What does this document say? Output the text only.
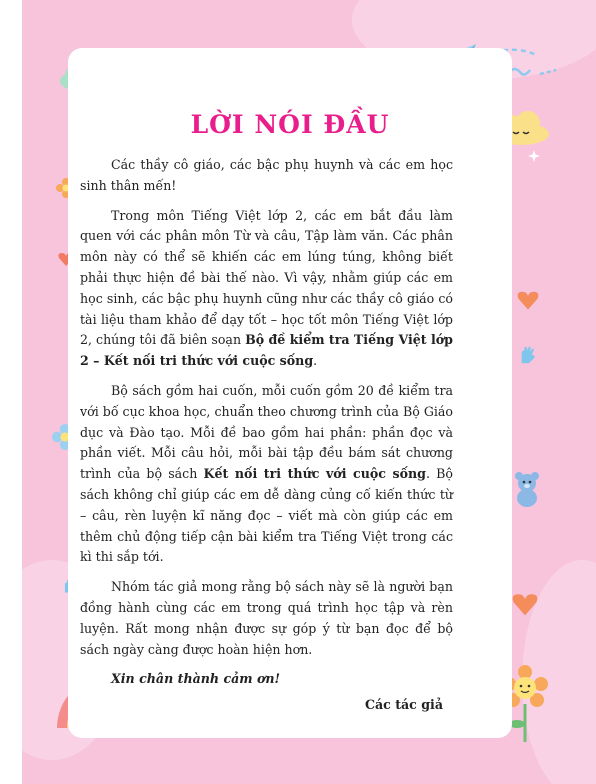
LỜI NÓI ĐẦU

Các thầy cô giáo, các bậc phụ huynh và các em học sinh thân mến!

Trong môn Tiếng Việt lớp 2, các em bắt đầu làm quen với các phân môn Từ và câu, Tập làm văn. Các phân môn này có thể sẽ khiến các em lúng túng, không biết phải thực hiện đề bài thế nào. Vì vậy, nhằm giúp các em học sinh, các bậc phụ huynh cũng như các thầy cô giáo có tài liệu tham khảo để dạy tốt – học tốt môn Tiếng Việt lớp 2, chúng tôi đã biên soạn Bộ đề kiểm tra Tiếng Việt lớp 2 – Kết nối tri thức với cuộc sống.

Bộ sách gồm hai cuốn, mỗi cuốn gồm 20 đề kiểm tra với bố cục khoa học, chuẩn theo chương trình của Bộ Giáo dục và Đào tạo. Mỗi đề bao gồm hai phần: phần đọc và phần viết. Mỗi câu hỏi, mỗi bài tập đều bám sát chương trình của bộ sách Kết nối tri thức với cuộc sống. Bộ sách không chỉ giúp các em dễ dàng củng cố kiến thức từ – câu, rèn luyện kĩ năng đọc – viết mà còn giúp các em thêm chủ động tiếp cận bài kiểm tra Tiếng Việt trong các kì thi sắp tới.

Nhóm tác giả mong rằng bộ sách này sẽ là người bạn đồng hành cùng các em trong quá trình học tập và rèn luyện. Rất mong nhận được sự góp ý từ bạn đọc để bộ sách ngày càng được hoàn hiện hơn.

Xin chân thành cảm ơn!

Các tác giả
